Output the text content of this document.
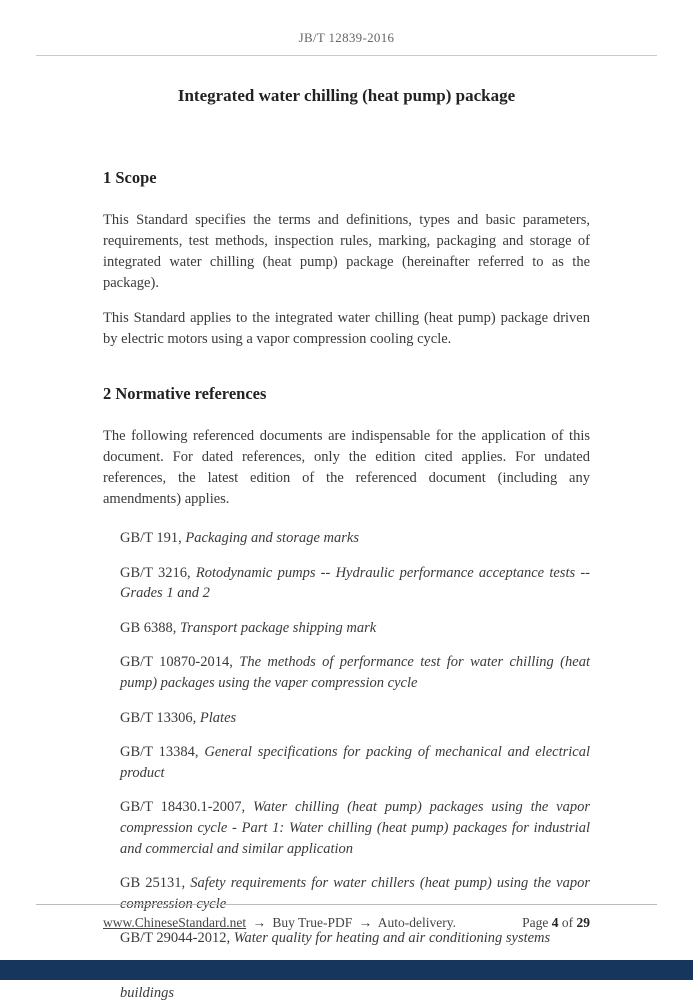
JB/T 12839-2016
Integrated water chilling (heat pump) package
1 Scope

This Standard specifies the terms and definitions, types and basic parameters, requirements, test methods, inspection rules, marking, packaging and storage of integrated water chilling (heat pump) package (hereinafter referred to as the package).

This Standard applies to the integrated water chilling (heat pump) package driven by electric motors using a vapor compression cooling cycle.

2 Normative references

The following referenced documents are indispensable for the application of this document. For dated references, only the edition cited applies. For undated references, the latest edition of the referenced document (including any amendments) applies.

GB/T 191, Packaging and storage marks

GB/T 3216, Rotodynamic pumps -- Hydraulic performance acceptance tests -- Grades 1 and 2

GB 6388, Transport package shipping mark

GB/T 10870-2014, The methods of performance test for water chilling (heat pump) packages using the vaper compression cycle

GB/T 13306, Plates

GB/T 13384, General specifications for packing of mechanical and electrical product

GB/T 18430.1-2007, Water chilling (heat pump) packages using the vapor compression cycle - Part 1: Water chilling (heat pump) packages for industrial and commercial and similar application

GB 25131, Safety requirements for water chillers (heat pump) using the vapor compression cycle

GB/T 29044-2012, Water quality for heating and air conditioning systems

buildings

www.ChineseStandard.net → Buy True-PDF → Auto-delivery.	Page 4 of 29
